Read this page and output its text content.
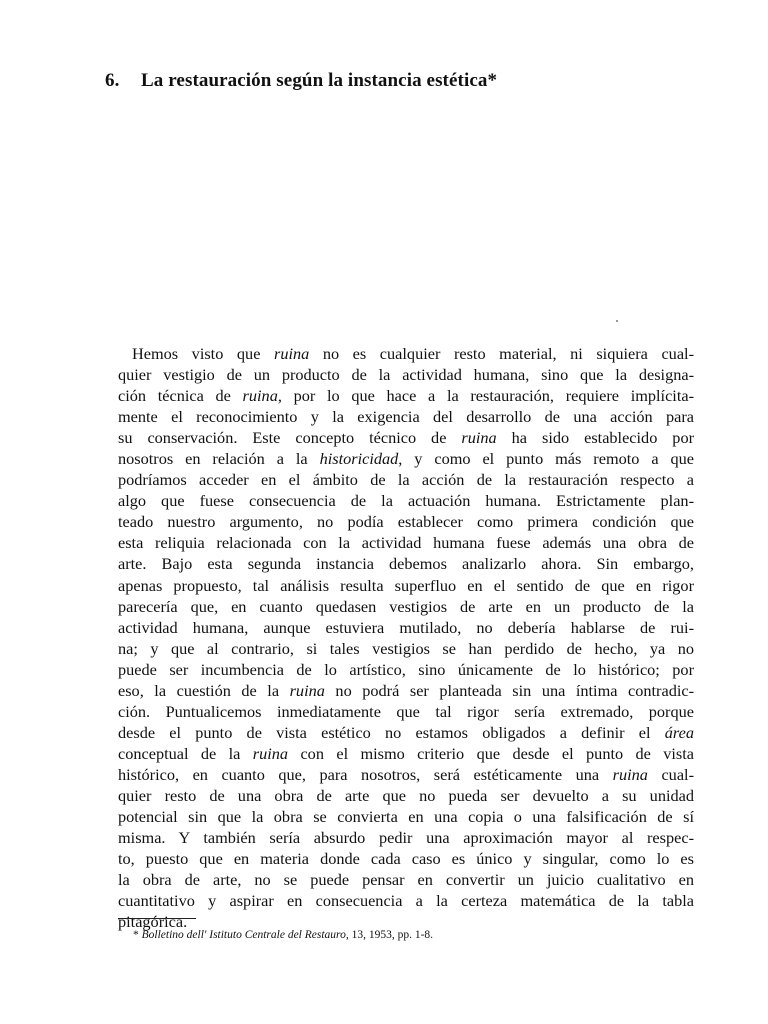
6. La restauración según la instancia estética*
Hemos visto que ruina no es cualquier resto material, ni siquiera cual-
quier vestigio de un producto de la actividad humana, sino que la designa-
ción técnica de ruina, por lo que hace a la restauración, requiere implícita-
mente el reconocimiento y la exigencia del desarrollo de una acción para
su conservación. Este concepto técnico de ruina ha sido establecido por
nosotros en relación a la historicidad, y como el punto más remoto a que
podríamos acceder en el ámbito de la acción de la restauración respecto a
algo que fuese consecuencia de la actuación humana. Estrictamente plan-
teado nuestro argumento, no podía establecer como primera condición que
esta reliquia relacionada con la actividad humana fuese además una obra de
arte. Bajo esta segunda instancia debemos analizarlo ahora. Sin embargo,
apenas propuesto, tal análisis resulta superfluo en el sentido de que en rigor
parecería que, en cuanto quedasen vestigios de arte en un producto de la
actividad humana, aunque estuviera mutilado, no debería hablarse de rui-
na; y que al contrario, si tales vestigios se han perdido de hecho, ya no
puede ser incumbencia de lo artístico, sino únicamente de lo histórico; por
eso, la cuestión de la ruina no podrá ser planteada sin una íntima contradic-
ción. Puntualicemos inmediatamente que tal rigor sería extremado, porque
desde el punto de vista estético no estamos obligados a definir el área
conceptual de la ruina con el mismo criterio que desde el punto de vista
histórico, en cuanto que, para nosotros, será estéticamente una ruina cual-
quier resto de una obra de arte que no pueda ser devuelto a su unidad
potencial sin que la obra se convierta en una copia o una falsificación de sí
misma. Y también sería absurdo pedir una aproximación mayor al respec-
to, puesto que en materia donde cada caso es único y singular, como lo es
la obra de arte, no se puede pensar en convertir un juicio cualitativo en
cuantitativo y aspirar en consecuencia a la certeza matemática de la tabla
pitagórica.
* Bolletino dell' Istituto Centrale del Restauro, 13, 1953, pp. 1-8.
